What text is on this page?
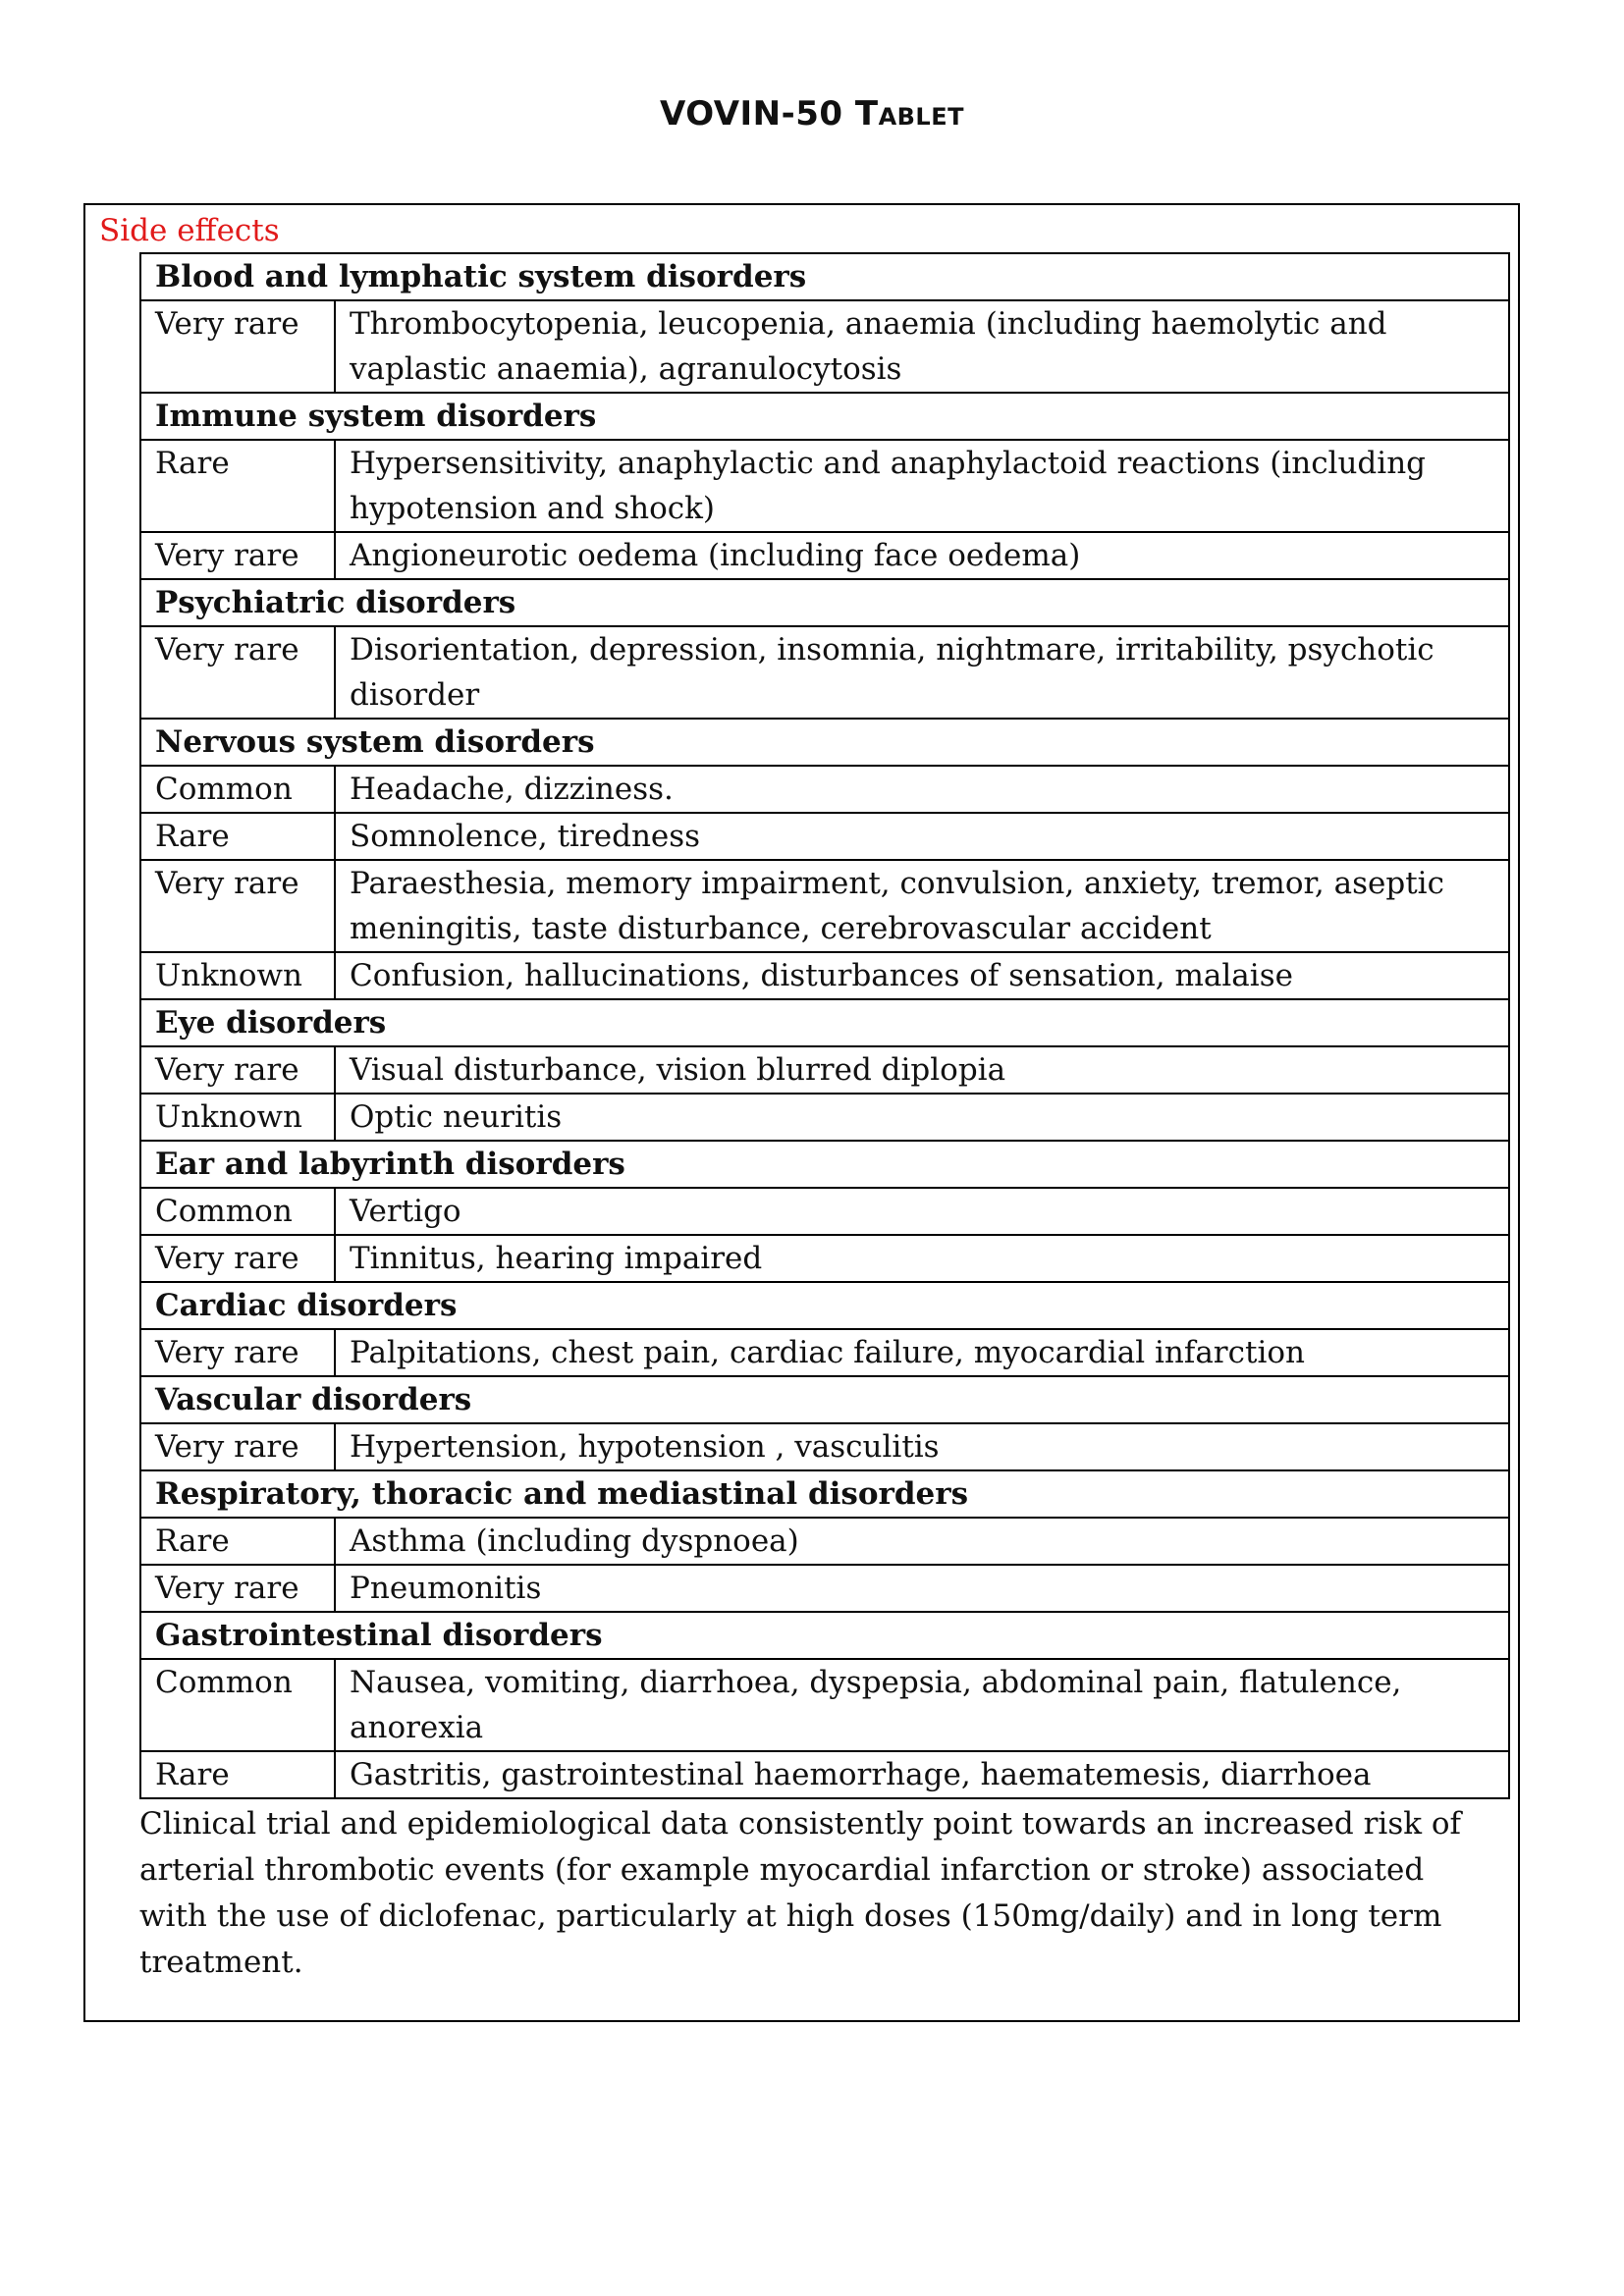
VOVIN-50 Tablet
Side effects
Blood and lymphatic system disorders	
Very rare	Thrombocytopenia, leucopenia, anaemia (including haemolytic and vaplastic anaemia), agranulocytosis
Immune system disorders	
Rare	Hypersensitivity, anaphylactic and anaphylactoid reactions (including hypotension and shock)
Very rare	Angioneurotic oedema (including face oedema)
Psychiatric disorders	
Very rare	Disorientation, depression, insomnia, nightmare, irritability, psychotic disorder
Nervous system disorders	
Common	Headache, dizziness.
Rare	Somnolence, tiredness
Very rare	Paraesthesia, memory impairment, convulsion, anxiety, tremor, aseptic meningitis, taste disturbance, cerebrovascular accident
Unknown	Confusion, hallucinations, disturbances of sensation, malaise
Eye disorders	
Very rare	Visual disturbance, vision blurred diplopia
Unknown	Optic neuritis
Ear and labyrinth disorders	
Common	Vertigo
Very rare	Tinnitus, hearing impaired
Cardiac disorders	
Very rare	Palpitations, chest pain, cardiac failure, myocardial infarction
Vascular disorders	
Very rare	Hypertension, hypotension , vasculitis
Respiratory, thoracic and mediastinal disorders	
Rare	Asthma (including dyspnoea)
Very rare	Pneumonitis
Gastrointestinal disorders	
Common	Nausea, vomiting, diarrhoea, dyspepsia, abdominal pain, flatulence, anorexia
Rare	Gastritis, gastrointestinal haemorrhage, haematemesis, diarrhoea
Clinical trial and epidemiological data consistently point towards an increased risk of arterial thrombotic events (for example myocardial infarction or stroke) associated with the use of diclofenac, particularly at high doses (150mg/daily) and in long term treatment.
